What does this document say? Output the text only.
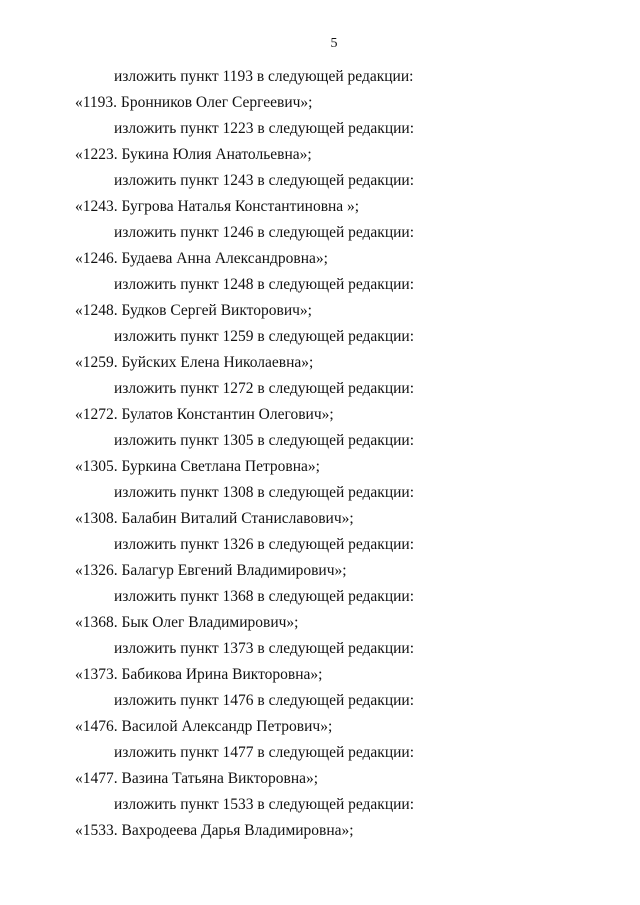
5
изложить пункт 1193 в следующей редакции:
«1193. Бронников Олег Сергеевич»;
изложить пункт 1223 в следующей редакции:
«1223. Букина Юлия Анатольевна»;
изложить пункт 1243 в следующей редакции:
«1243. Бугрова Наталья Константиновна »;
изложить пункт 1246 в следующей редакции:
«1246. Будаева Анна Александровна»;
изложить пункт 1248 в следующей редакции:
«1248. Будков Сергей Викторович»;
изложить пункт 1259 в следующей редакции:
«1259. Буйских Елена Николаевна»;
изложить пункт 1272 в следующей редакции:
«1272. Булатов Константин Олегович»;
изложить пункт 1305 в следующей редакции:
«1305. Буркина Светлана Петровна»;
изложить пункт 1308 в следующей редакции:
«1308. Балабин Виталий Станиславович»;
изложить пункт 1326 в следующей редакции:
«1326. Балагур Евгений Владимирович»;
изложить пункт 1368 в следующей редакции:
«1368. Бык Олег Владимирович»;
изложить пункт 1373 в следующей редакции:
«1373. Бабикова Ирина Викторовна»;
изложить пункт 1476 в следующей редакции:
«1476. Василой Александр Петрович»;
изложить пункт 1477 в следующей редакции:
«1477. Вазина Татьяна Викторовна»;
изложить пункт 1533 в следующей редакции:
«1533. Вахродеева Дарья Владимировна»;
